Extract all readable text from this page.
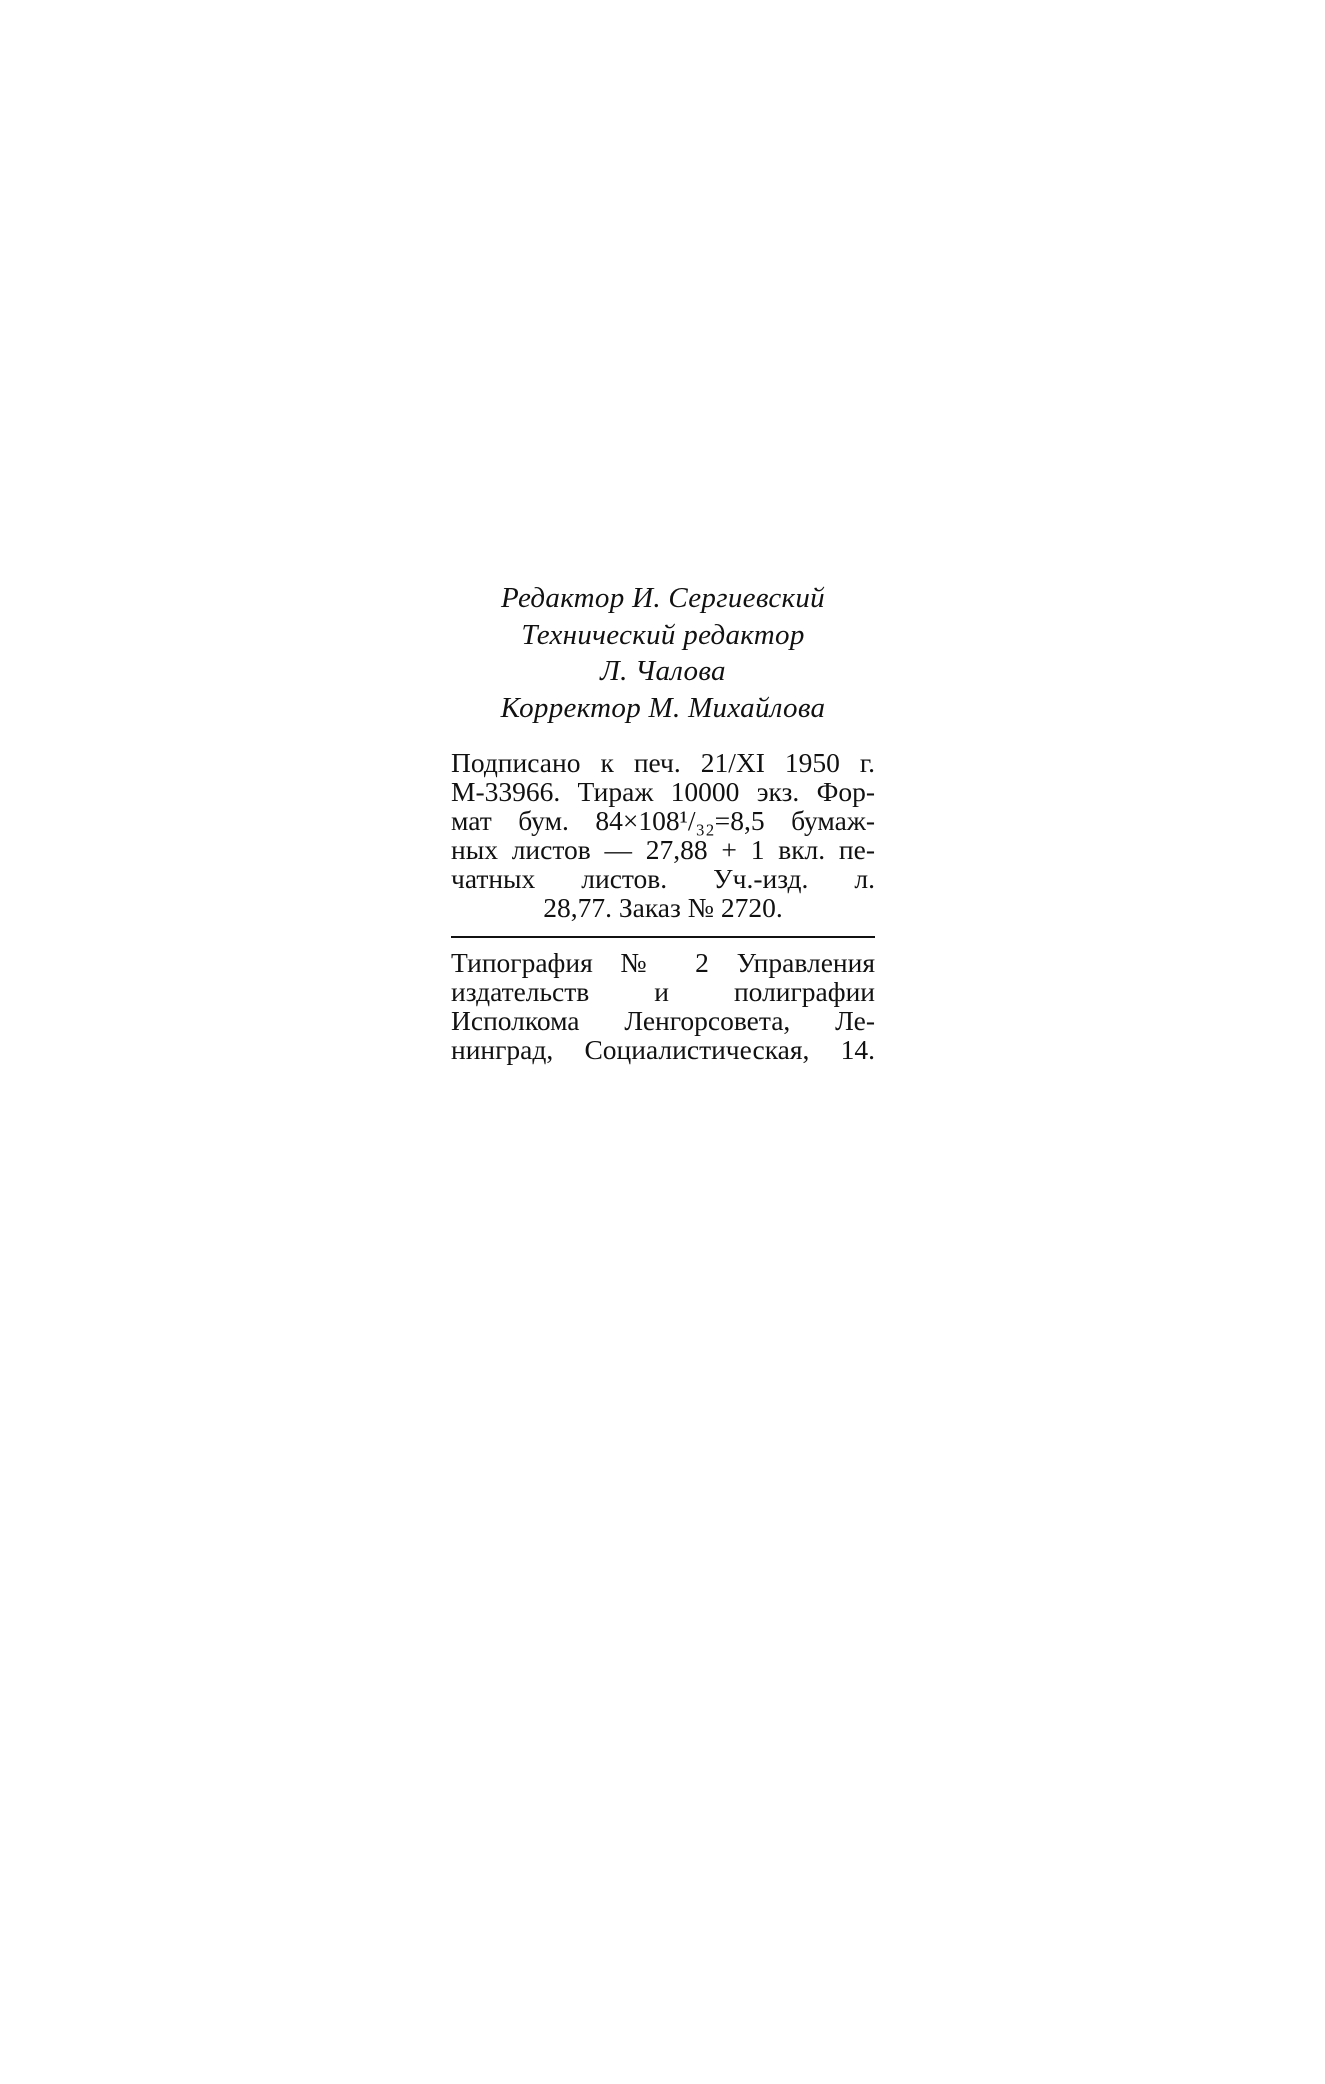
Редактор И. Сергиевский
Технический редактор
Л. Чалова
Корректор М. Михайлова
Подписано к печ. 21/XI 1950 г.
М-33966. Тираж 10000 экз. Фор-
мат бум. 84×108¹/₃₂=8,5 бумаж-
ных листов — 27,88 + 1 вкл. пе-
чатных листов. Уч.-изд. л.
28,77. Заказ № 2720.
Типография № 2 Управления
издательств и полиграфии
Исполкома Ленгорсовета, Ле-
нинград, Социалистическая, 14.
